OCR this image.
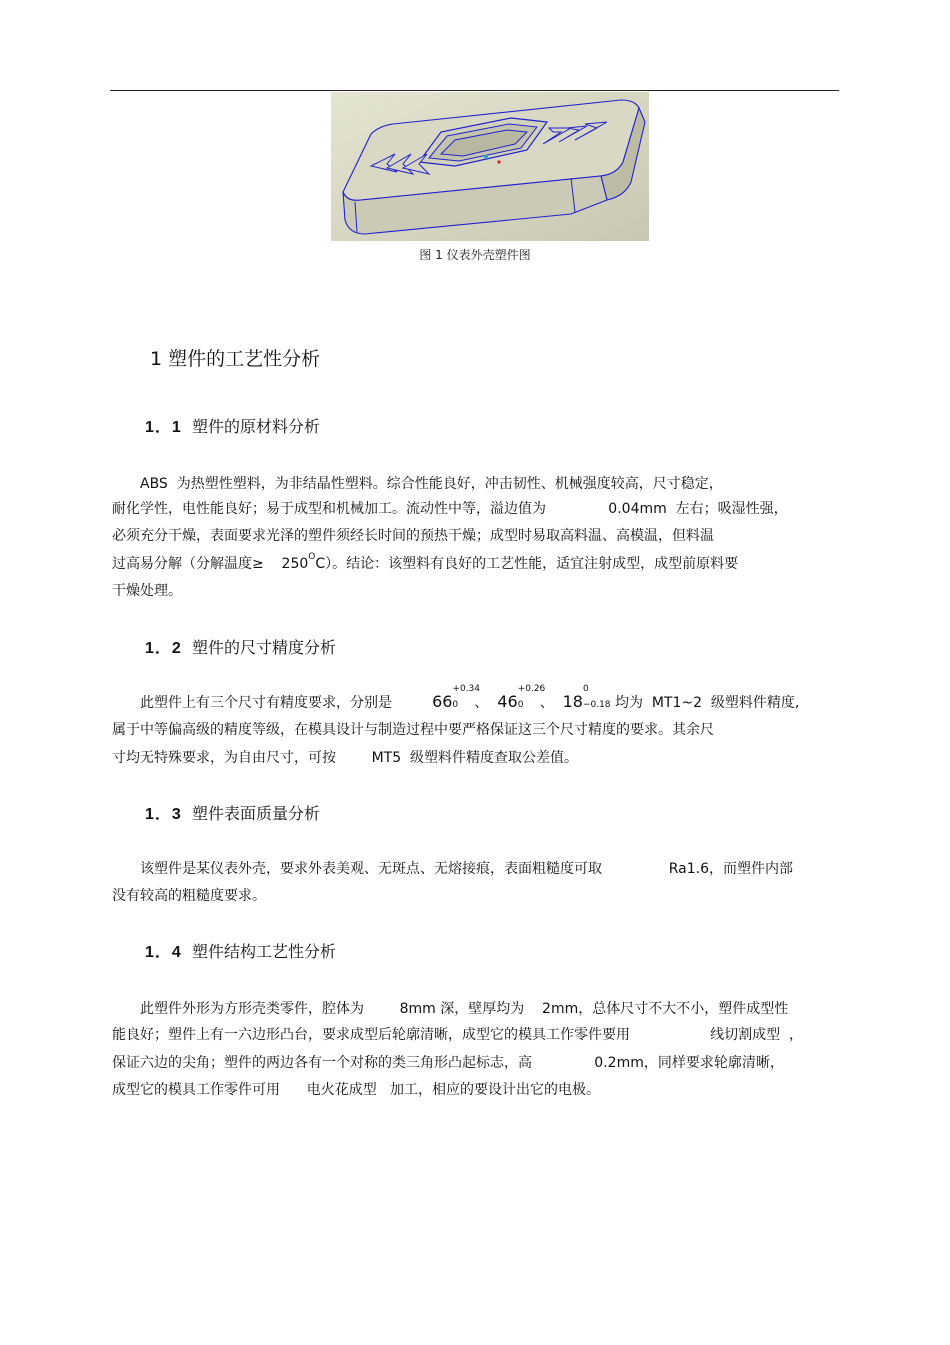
图 1 仪表外壳塑件图
1 塑件的工艺性分析
1．1 塑件的原材料分析
ABS  为热塑性塑料，为非结晶性塑料。综合性能良好，冲击韧性、机械强度较高，尺寸稳定，
耐化学性，电性能良好；易于成型和机械加工。流动性中等，溢边值为              0.04mm  左右；吸湿性强，
必须充分干燥，表面要求光泽的塑件须经长时间的预热干燥；成型时易取高料温、高模温，但料温
过高易分解（分解温度≥    $250^OC$）。结论：该塑料有良好的工艺性能，适宜注射成型，成型前原料要
干燥处理。
1．2 塑件的尺寸精度分析
此塑件上有三个尺寸有精度要求，分别是	66
+0.34
0 、 46
+0.26
0 、 18
0
−0.18 均为  MT1~2  级塑料件精度,
属于中等偏高级的精度等级，在模具设计与制造过程中要严格保证这三个尺寸精度的要求。其余尺
寸均无特殊要求，为自由尺寸，可按        MT5  级塑料件精度查取公差值。
1．3 塑件表面质量分析
该塑件是某仪表外壳，要求外表美观、无斑点、无熔接痕，表面粗糙度可取               Ra1.6，而塑件内部
没有较高的粗糙度要求。
1．4 塑件结构工艺性分析
此塑件外形为方形壳类零件，腔体为        8mm 深，壁厚均为    2mm，总体尺寸不大不小，塑件成型性
能良好；塑件上有一六边形凸台，要求成型后轮廓清晰，成型它的模具工作零件要用                  线切割成型  ，
保证六边的尖角；塑件的两边各有一个对称的类三角形凸起标志，高              0.2mm，同样要求轮廓清晰，
成型它的模具工作零件可用      电火花成型   加工，相应的要设计出它的电极。
